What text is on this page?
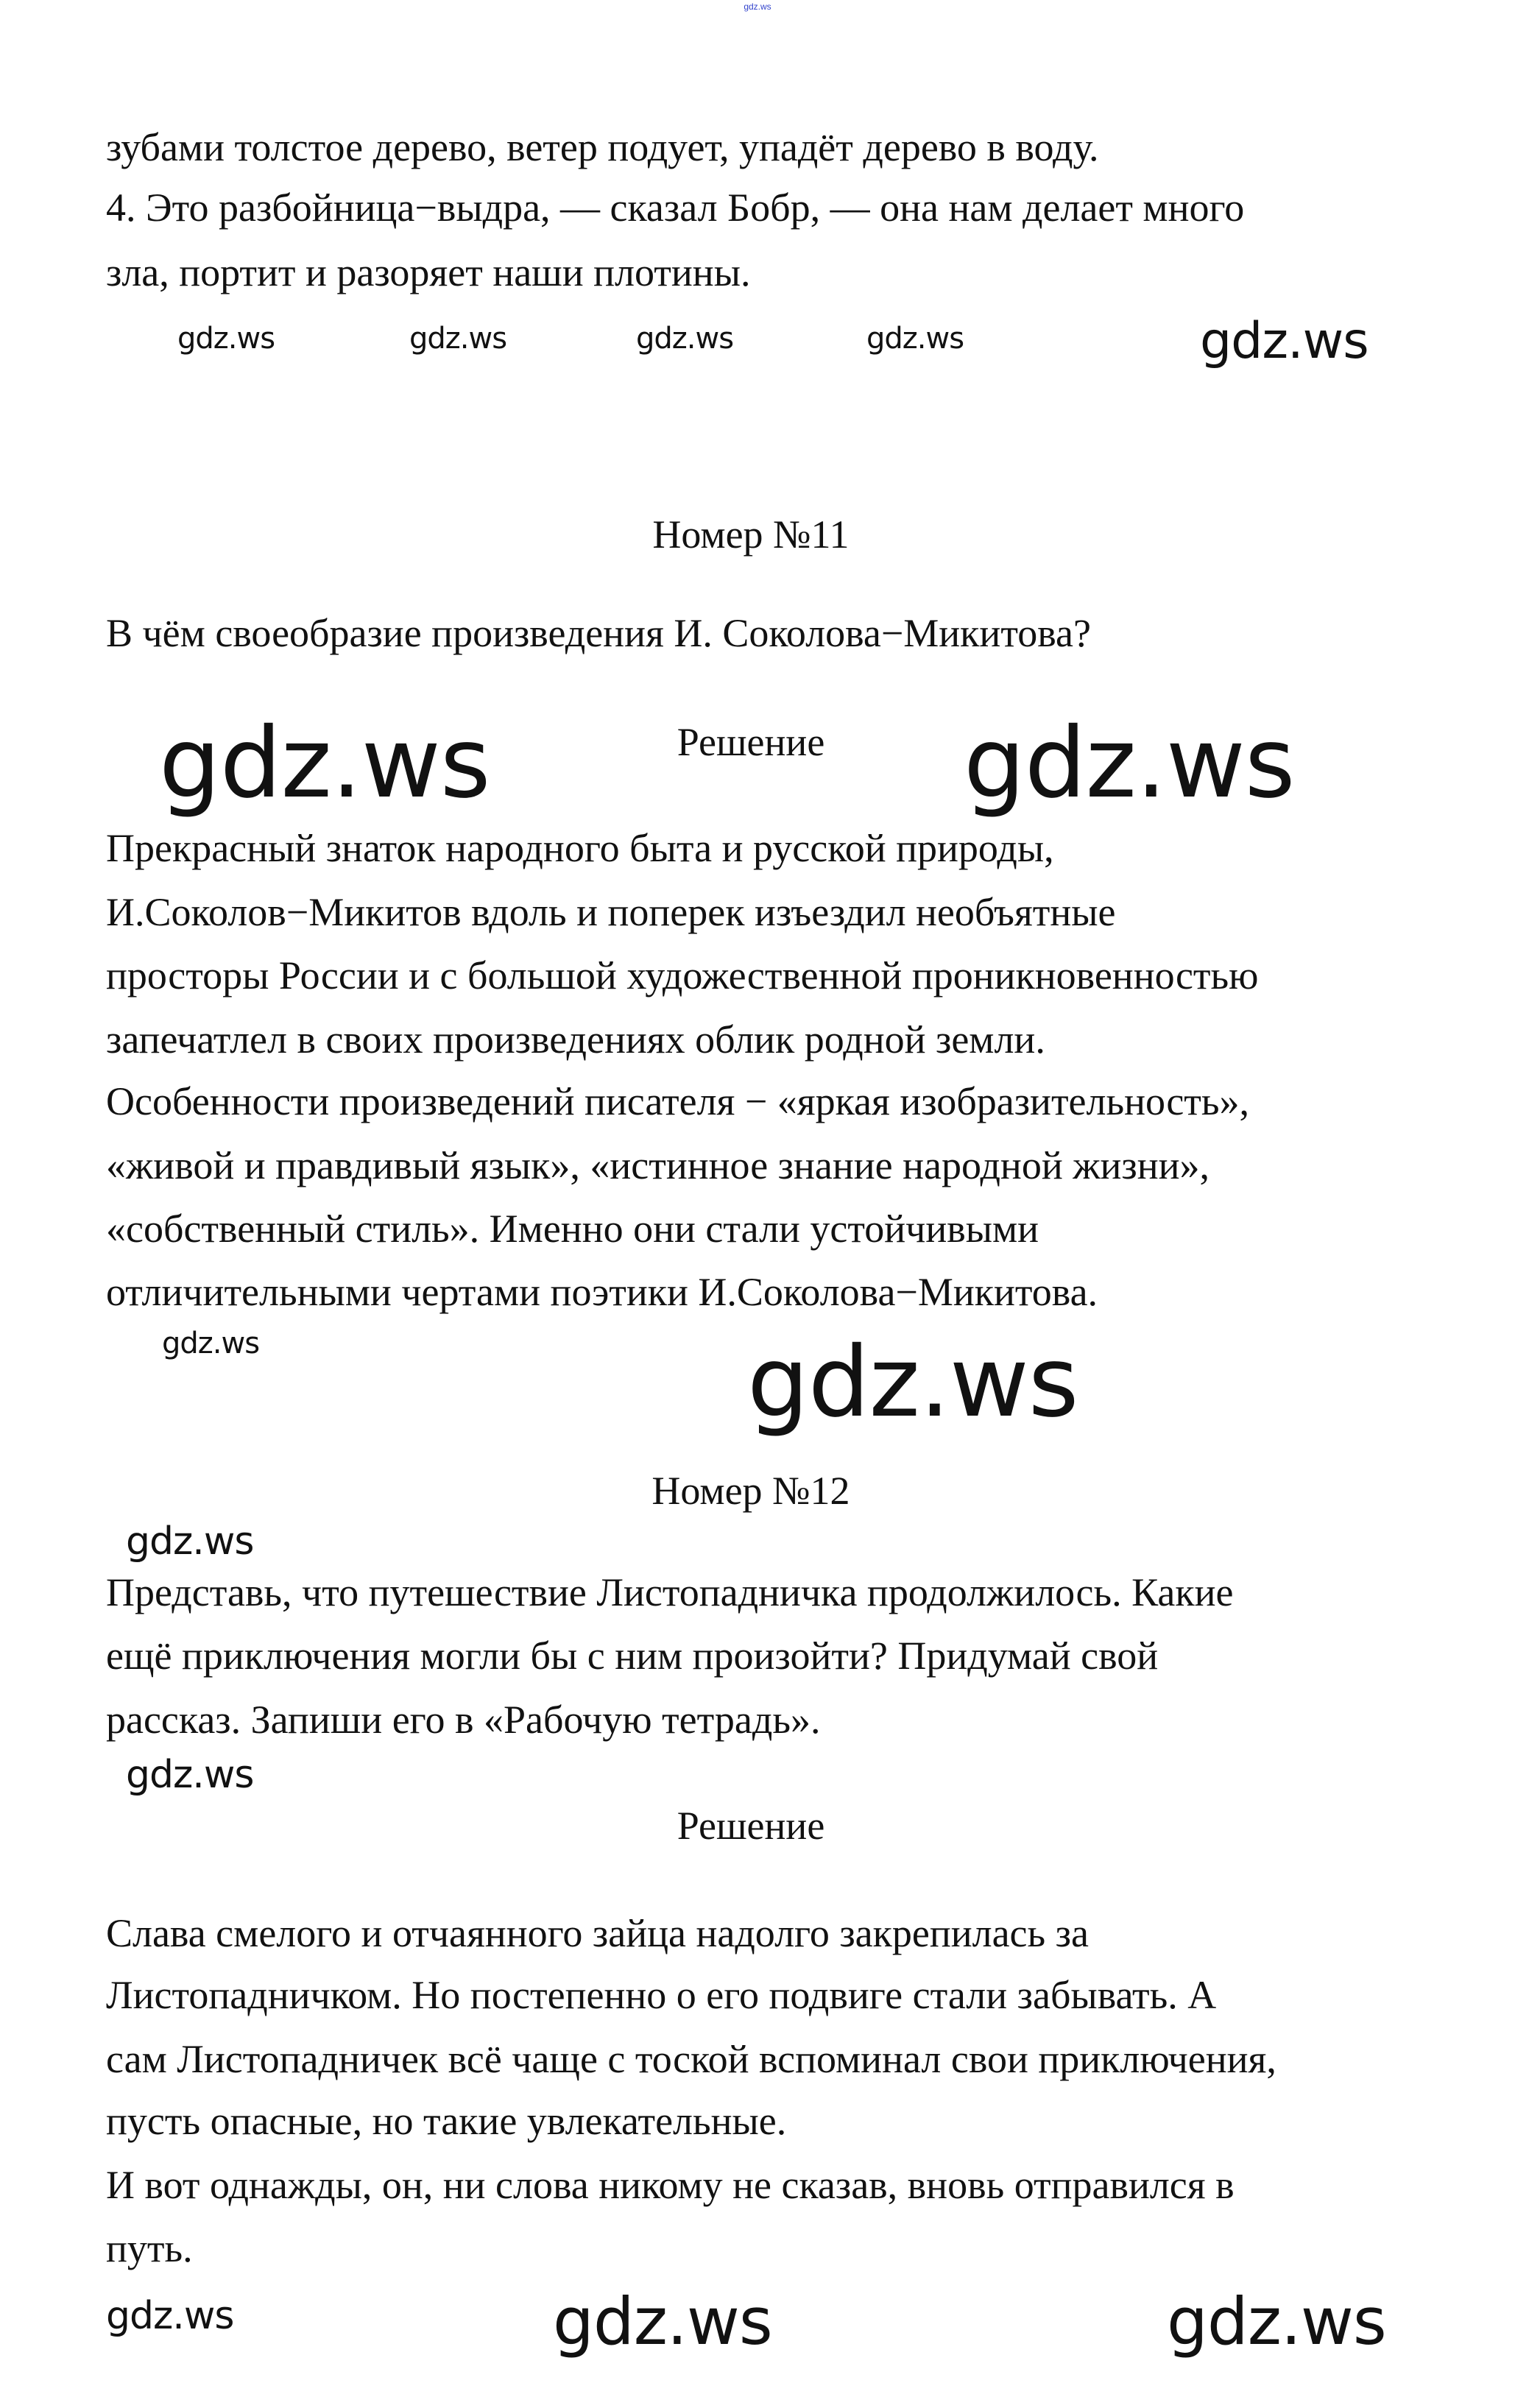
gdz.ws
зубами толстое дерево, ветер подует, упадёт дерево в воду.
4. Это разбойница−выдра, — сказал Бобр, — она нам делает много
зла, портит и разоряет наши плотины.
Номер №11
В чём своеобразие произведения И. Соколова−Микитова?
Решение
Прекрасный знаток народного быта и русской природы,
И.Соколов−Микитов вдоль и поперек изъездил необъятные
просторы России и с большой художественной проникновенностью
запечатлел в своих произведениях облик родной земли.
Особенности произведений писателя − «яркая изобразительность»,
«живой и правдивый язык», «истинное знание народной жизни»,
«собственный стиль». Именно они стали устойчивыми
отличительными чертами поэтики И.Соколова−Микитова.
Номер №12
Представь, что путешествие Листопадничка продолжилось. Какие
ещё приключения могли бы с ним произойти? Придумай свой
рассказ. Запиши его в «Рабочую тетрадь».
Решение
Слава смелого и отчаянного зайца надолго закрепилась за
Листопадничком. Но постепенно о его подвиге стали забывать. А
сам Листопадничек всё чаще с тоской вспоминал свои приключения,
пусть опасные, но такие увлекательные.
И вот однажды, он, ни слова никому не сказав, вновь отправился в
путь.
gdz.ws
gdz.ws	gdz.ws	gdz.ws	gdz.ws
gdz.ws	gdz.ws
gdz.ws	gdz.ws
gdz.ws
gdz.ws
gdz.ws
gdz.ws	gdz.ws
